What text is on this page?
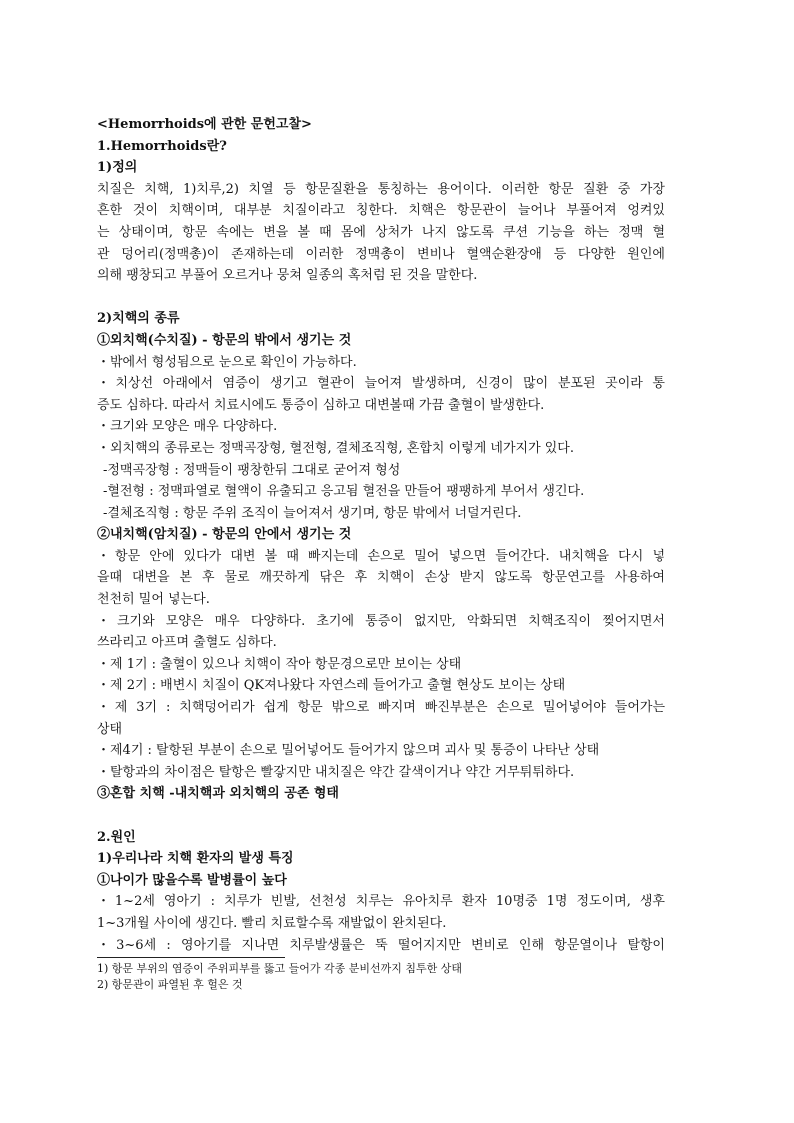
<Hemorrhoids에 관한 문헌고찰>
1.Hemorrhoids란?
1)정의
치질은 치핵, 1)치루,2) 치열 등 항문질환을 통칭하는 용어이다. 이러한 항문 질환 중 가장
흔한 것이 치핵이며, 대부분 치질이라고 칭한다. 치핵은 항문관이 늘어나 부풀어져 엉켜있
는 상태이며, 항문 속에는 변을 볼 때 몸에 상처가 나지 않도록 쿠션 기능을 하는 정맥 혈
관 덩어리(정맥총)이 존재하는데 이러한 정맥총이 변비나 혈액순환장애 등 다양한 원인에
의해 팽창되고 부풀어 오르거나 뭉쳐 일종의 혹처럼 된 것을 말한다.
2)치핵의 종류
①외치핵(수치질) - 항문의 밖에서 생기는 것
・밖에서 형성됨으로 눈으로 확인이 가능하다.
・치상선 아래에서 염증이 생기고 혈관이 늘어져 발생하며, 신경이 많이 분포된 곳이라 통
증도 심하다. 따라서 치료시에도 통증이 심하고 대변볼때 가끔 출혈이 발생한다.
・크기와 모양은 매우 다양하다.
・외치핵의 종류로는 정맥곡장형, 혈전형, 결체조직형, 혼합치 이렇게 네가지가 있다.
-정맥곡장형 : 정맥들이 팽창한뒤 그대로 굳어져 형성
-혈전형 : 정맥파열로 혈액이 유출되고 응고됨 혈전을 만들어 팽팽하게 부어서 생긴다.
-결체조직형 : 항문 주위 조직이 늘어져서 생기며, 항문 밖에서 너덜거린다.
②내치핵(암치질) - 항문의 안에서 생기는 것
・항문 안에 있다가 대변 볼 때 빠지는데 손으로 밀어 넣으면 들어간다. 내치핵을 다시 넣
을때 대변을 본 후 물로 깨끗하게 닦은 후 치핵이 손상 받지 않도록 항문연고를 사용하여
천천히 밀어 넣는다.
・크기와 모양은 매우 다양하다. 초기에 통증이 없지만, 악화되면 치핵조직이 찢어지면서
쓰라리고 아프며 출혈도 심하다.
・제 1기 : 출혈이 있으나 치핵이 작아 항문경으로만 보이는 상태
・제 2기 : 배변시 치질이 QK져나왔다 자연스레 들어가고 출혈 현상도 보이는 상태
・제 3기 : 치핵덩어리가 쉽게 항문 밖으로 빠지며 빠진부분은 손으로 밀어넣어야 들어가는
상태
・제4기 : 탈항된 부분이 손으로 밀어넣어도 들어가지 않으며 괴사 및 통증이 나타난 상태
・탈항과의 차이점은 탈항은 빨갛지만 내치질은 약간 갈색이거나 약간 거무튀튀하다.
③혼합 치핵 -내치핵과 외치핵의 공존 형태
2.원인
1)우리나라 치핵 환자의 발생 특징
①나이가 많을수록 발병률이 높다
・1~2세 영아기 : 치루가 빈발, 선천성 치루는 유아치루 환자 10명중 1명 정도이며, 생후
1~3개월 사이에 생긴다. 빨리 치료할수록 재발없이 완치된다.
・3~6세 : 영아기를 지나면 치루발생률은 뚝 떨어지지만 변비로 인해 항문열이나 탈항이
1) 항문 부위의 염증이 주위피부를 뚫고 들어가 각종 분비선까지 침투한 상태
2) 항문관이 파열된 후 헐은 것
